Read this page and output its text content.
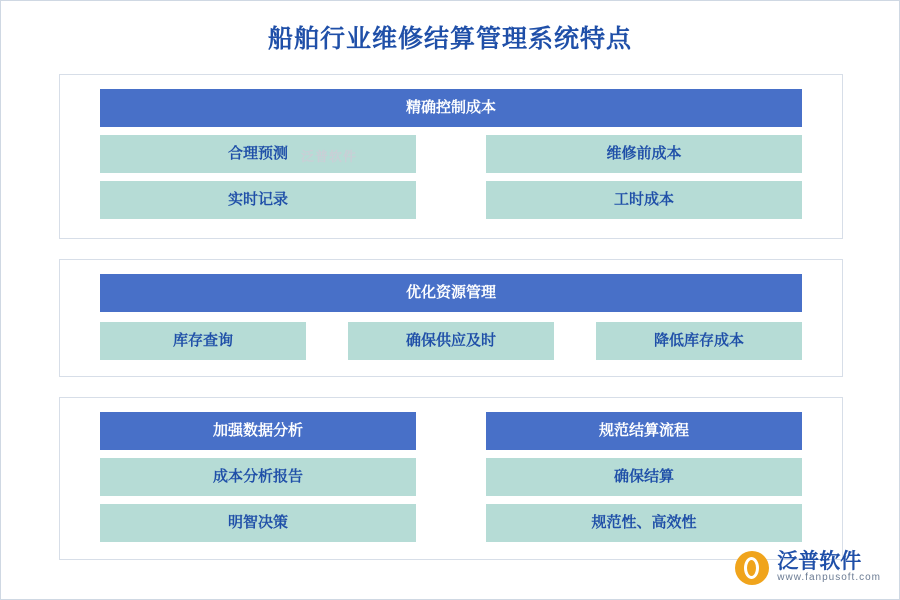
船舶行业维修结算管理系统特点
精确控制成本
合理预测	维修前成本
实时记录	工时成本
优化资源管理
库存查询	确保供应及时	降低库存成本
加强数据分析	规范结算流程
成本分析报告	确保结算
明智决策	规范性、高效性
泛普软件
泛普软件
www.fanpusoft.com
